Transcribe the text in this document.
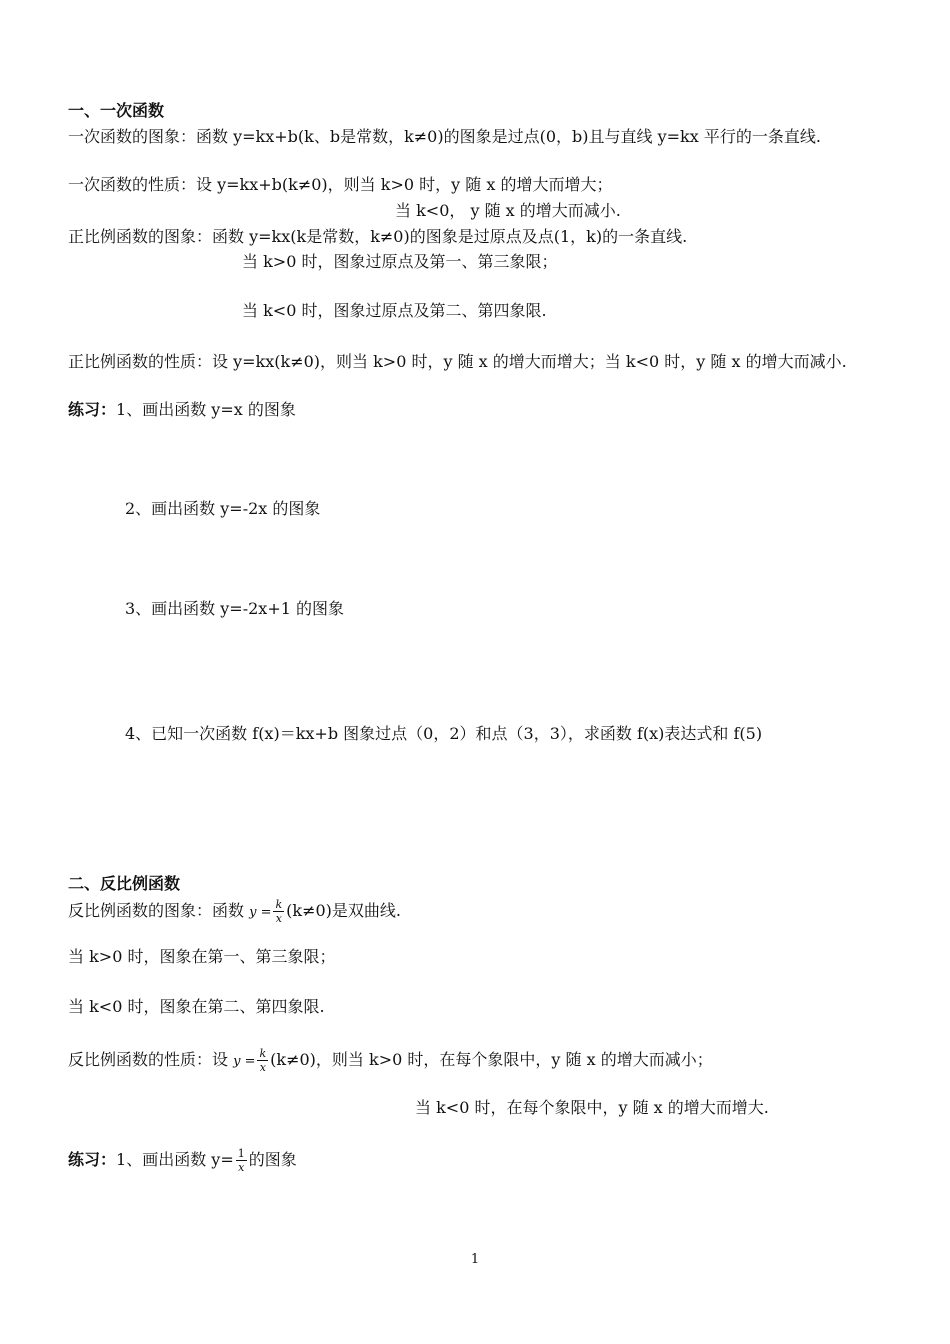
一、一次函数
一次函数的图象：函数 y=kx+b(k、b是常数，k≠0)的图象是过点(0，b)且与直线 y=kx 平行的一条直线.
一次函数的性质：设 y=kx+b(k≠0)，则当 k>0 时，y 随 x 的增大而增大；
当 k<0， y 随 x 的增大而减小.
正比例函数的图象：函数 y=kx(k是常数，k≠0)的图象是过原点及点(1，k)的一条直线.
当 k>0 时，图象过原点及第一、第三象限；
当 k<0 时，图象过原点及第二、第四象限.
正比例函数的性质：设 y=kx(k≠0)，则当 k>0 时，y 随 x 的增大而增大；当 k<0 时，y 随 x 的增大而减小.
练习：1、画出函数 y=x 的图象
2、画出函数 y=-2x 的图象
3、画出函数 y=-2x+1 的图象
4、已知一次函数 f(x)＝kx+b 图象过点（0，2）和点（3，3），求函数 f(x)表达式和 f(5)
二、反比例函数
反比例函数的图象：函数 $y = \frac{k}{x} (k\ne 0)$是双曲线.
当 k>0 时，图象在第一、第三象限；
当 k<0 时，图象在第二、第四象限.
反比例函数的性质：设 $y = \frac{k}{x} (k\ne 0)$，则当 k>0 时，在每个象限中，y 随 x 的增大而减小；
当 k<0 时，在每个象限中，y 随 x 的增大而增大.
练习：1、画出函数 $y= \frac{1}{x}$ 的图象
1
